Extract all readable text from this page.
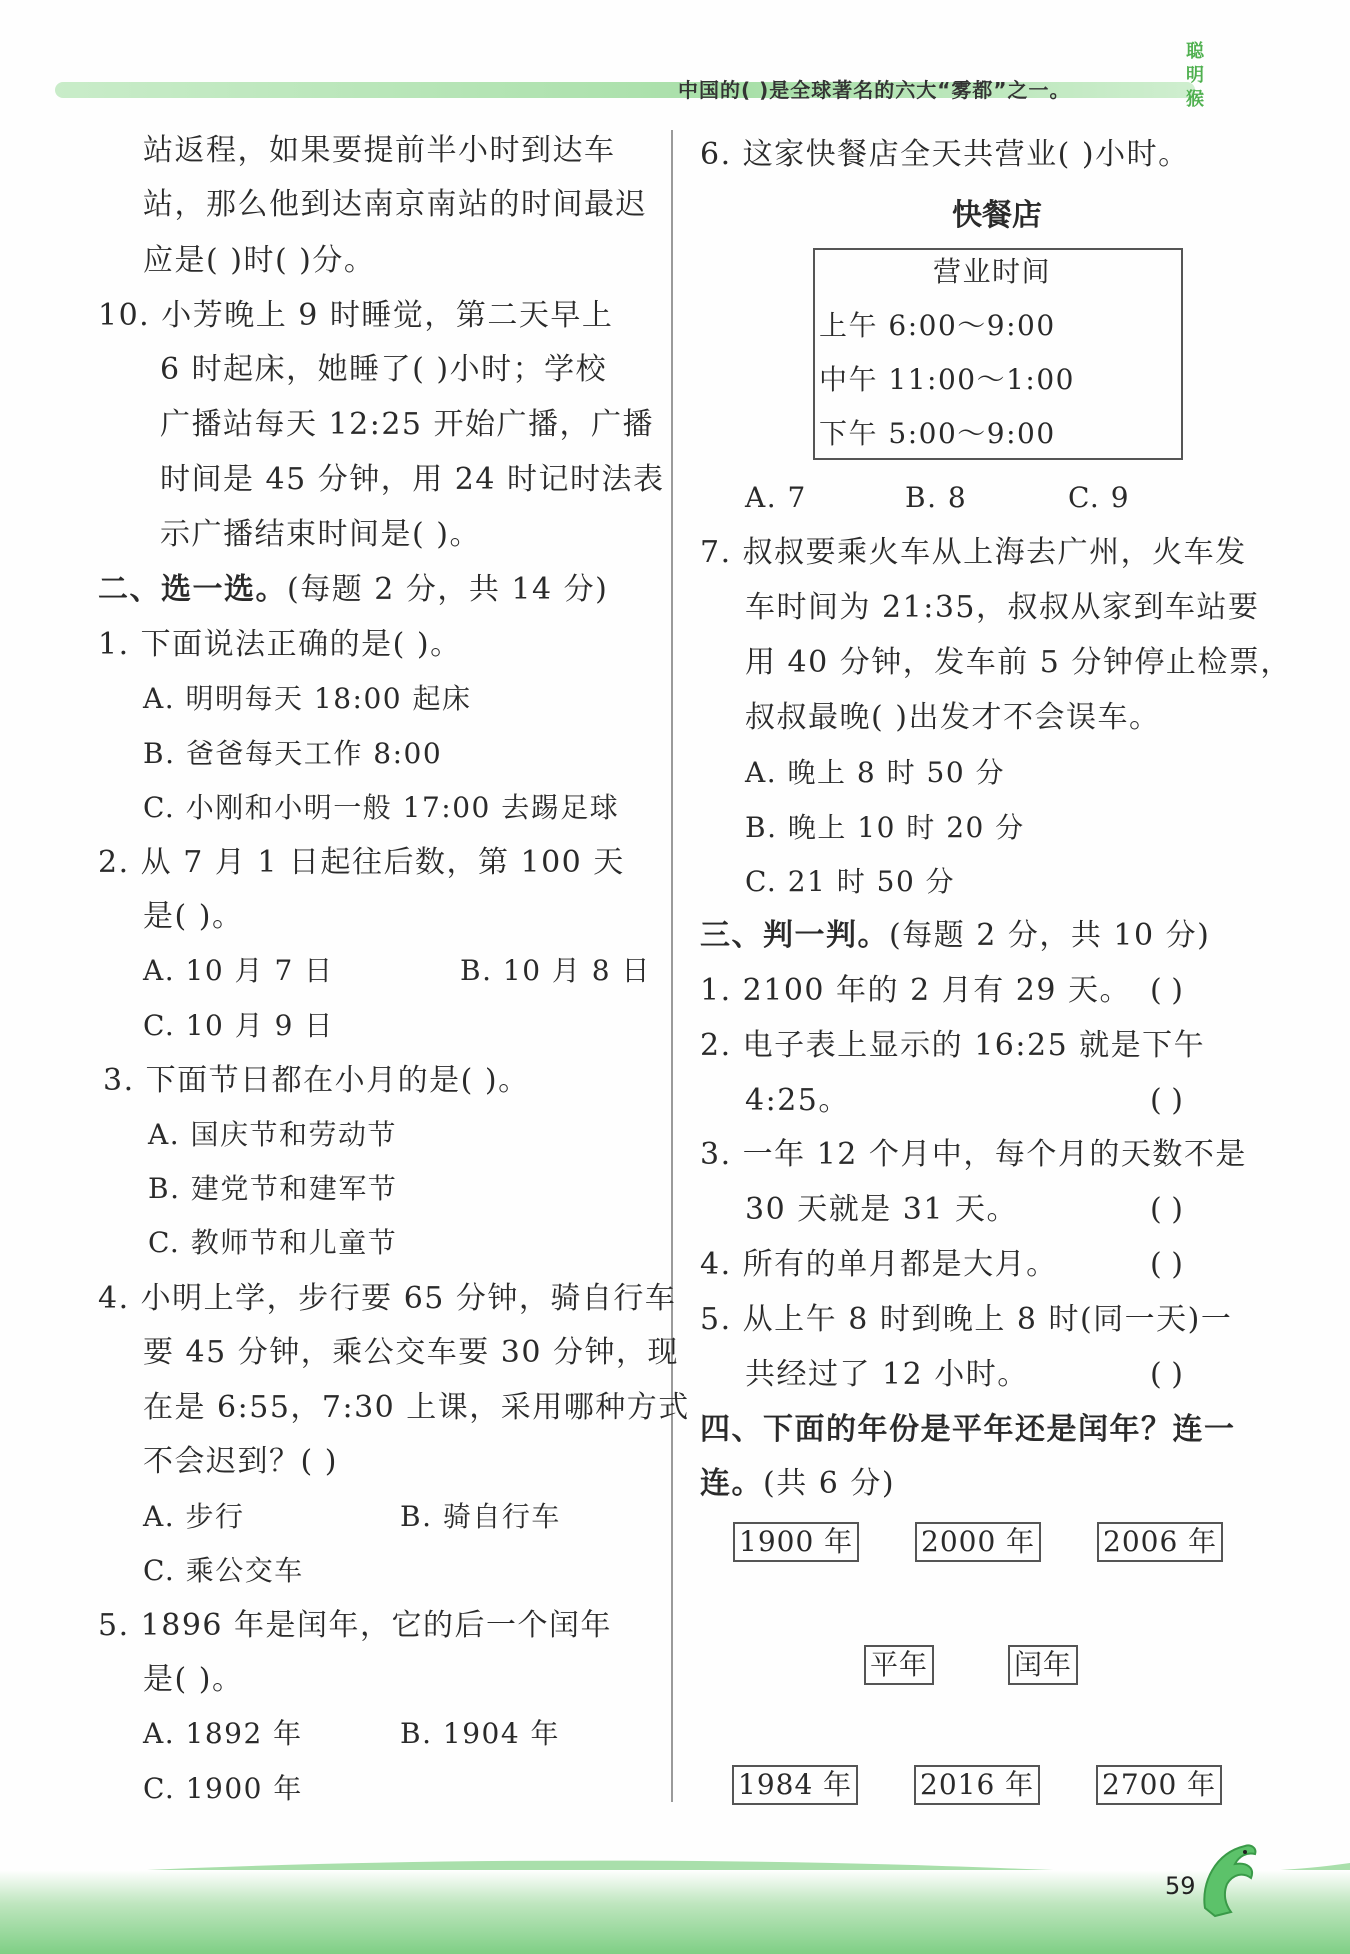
中国的( )是全球著名的六大“雾都”之一。
聪明猴
站返程，如果要提前半小时到达车
站，那么他到达南京南站的时间最迟
应是( )时( )分。
10. 小芳晚上 9 时睡觉，第二天早上
6 时起床，她睡了( )小时；学校
广播站每天 12:25 开始广播，广播
时间是 45 分钟，用 24 时记时法表
示广播结束时间是( )。
二、选一选。(每题 2 分，共 14 分)
1. 下面说法正确的是( )。
A. 明明每天 18:00 起床
B. 爸爸每天工作 8:00
C. 小刚和小明一般 17:00 去踢足球
2. 从 7 月 1 日起往后数，第 100 天
是( )。
A. 10 月 7 日	B. 10 月 8 日
C. 10 月 9 日
3. 下面节日都在小月的是( )。
A. 国庆节和劳动节
B. 建党节和建军节
C. 教师节和儿童节
4. 小明上学，步行要 65 分钟，骑自行车
要 45 分钟，乘公交车要 30 分钟，现
在是 6:55，7:30 上课，采用哪种方式
不会迟到？( )
A. 步行	B. 骑自行车
C. 乘公交车
5. 1896 年是闰年，它的后一个闰年
是( )。
A. 1892 年	B. 1904 年
C. 1900 年
6. 这家快餐店全天共营业( )小时。
快餐店
营业时间
上午 6:00～9:00
中午 11:00～1:00
下午 5:00～9:00
A. 7	B. 8	C. 9
7. 叔叔要乘火车从上海去广州，火车发
车时间为 21:35，叔叔从家到车站要
用 40 分钟，发车前 5 分钟停止检票，
叔叔最晚( )出发才不会误车。
A. 晚上 8 时 50 分
B. 晚上 10 时 20 分
C. 21 时 50 分
三、判一判。(每题 2 分，共 10 分)
1. 2100 年的 2 月有 29 天。 ( )
2. 电子表上显示的 16:25 就是下午
4:25。	( )
3. 一年 12 个月中，每个月的天数不是
30 天就是 31 天。	( )
4. 所有的单月都是大月。	( )
5. 从上午 8 时到晚上 8 时(同一天)一
共经过了 12 小时。	( )
四、下面的年份是平年还是闰年？连一
连。(共 6 分)
1900 年 2000 年 2006 年
平年	闰年
1984 年 2016 年 2700 年
59
